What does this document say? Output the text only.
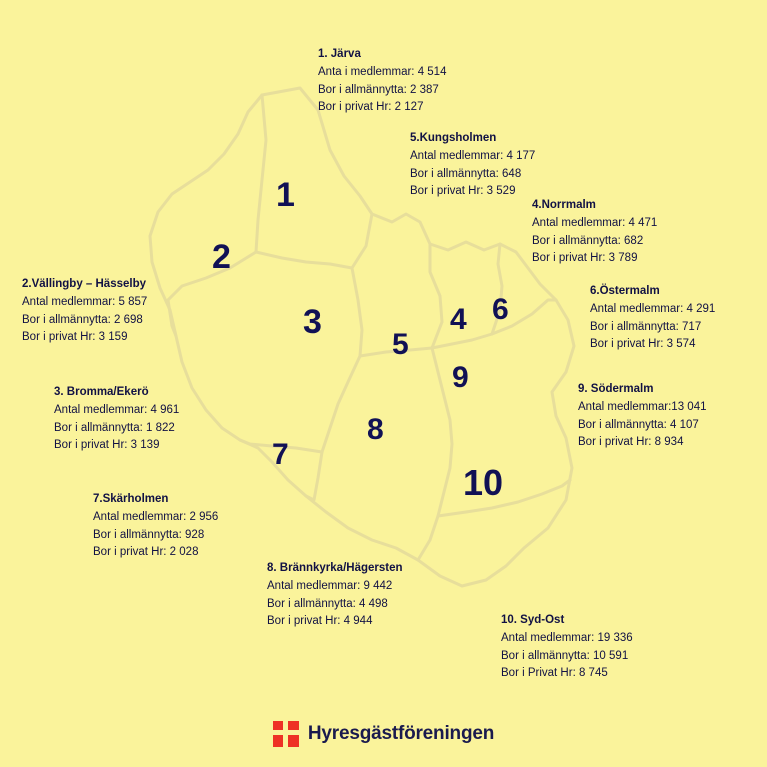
1
2
3	4
5
6
7
8
9
10
1. Järva
Anta i medlemmar: 4 514
Bor i allmännytta: 2 387
Bor i privat Hr: 2 127
5.Kungsholmen
Antal medlemmar: 4 177
Bor i allmännytta: 648
Bor i privat Hr: 3 529
4.Norrmalm
Antal medlemmar: 4 471
Bor i allmännytta: 682
Bor i privat Hr: 3 789
2.Vällingby – Hässelby
Antal medlemmar: 5 857
Bor i allmännytta: 2 698
Bor i privat Hr: 3 159
6.Östermalm
Antal medlemmar: 4 291
Bor i allmännytta: 717
Bor i privat Hr: 3 574
3. Bromma/Ekerö
Antal medlemmar: 4 961
Bor i allmännytta: 1 822
Bor i privat Hr: 3 139
9. Södermalm
Antal medlemmar:13 041
Bor i allmännytta: 4 107
Bor i privat Hr: 8 934
7.Skärholmen
Antal medlemmar: 2 956
Bor i allmännytta: 928
Bor i privat Hr: 2 028
8. Brännkyrka/Hägersten
Antal medlemmar: 9 442
Bor i allmännytta: 4 498
Bor i privat Hr: 4 944	10. Syd-Ost
Antal medlemmar: 19 336
Bor i allmännytta: 10 591
Bor i Privat Hr: 8 745
Hyresgästföreningen
